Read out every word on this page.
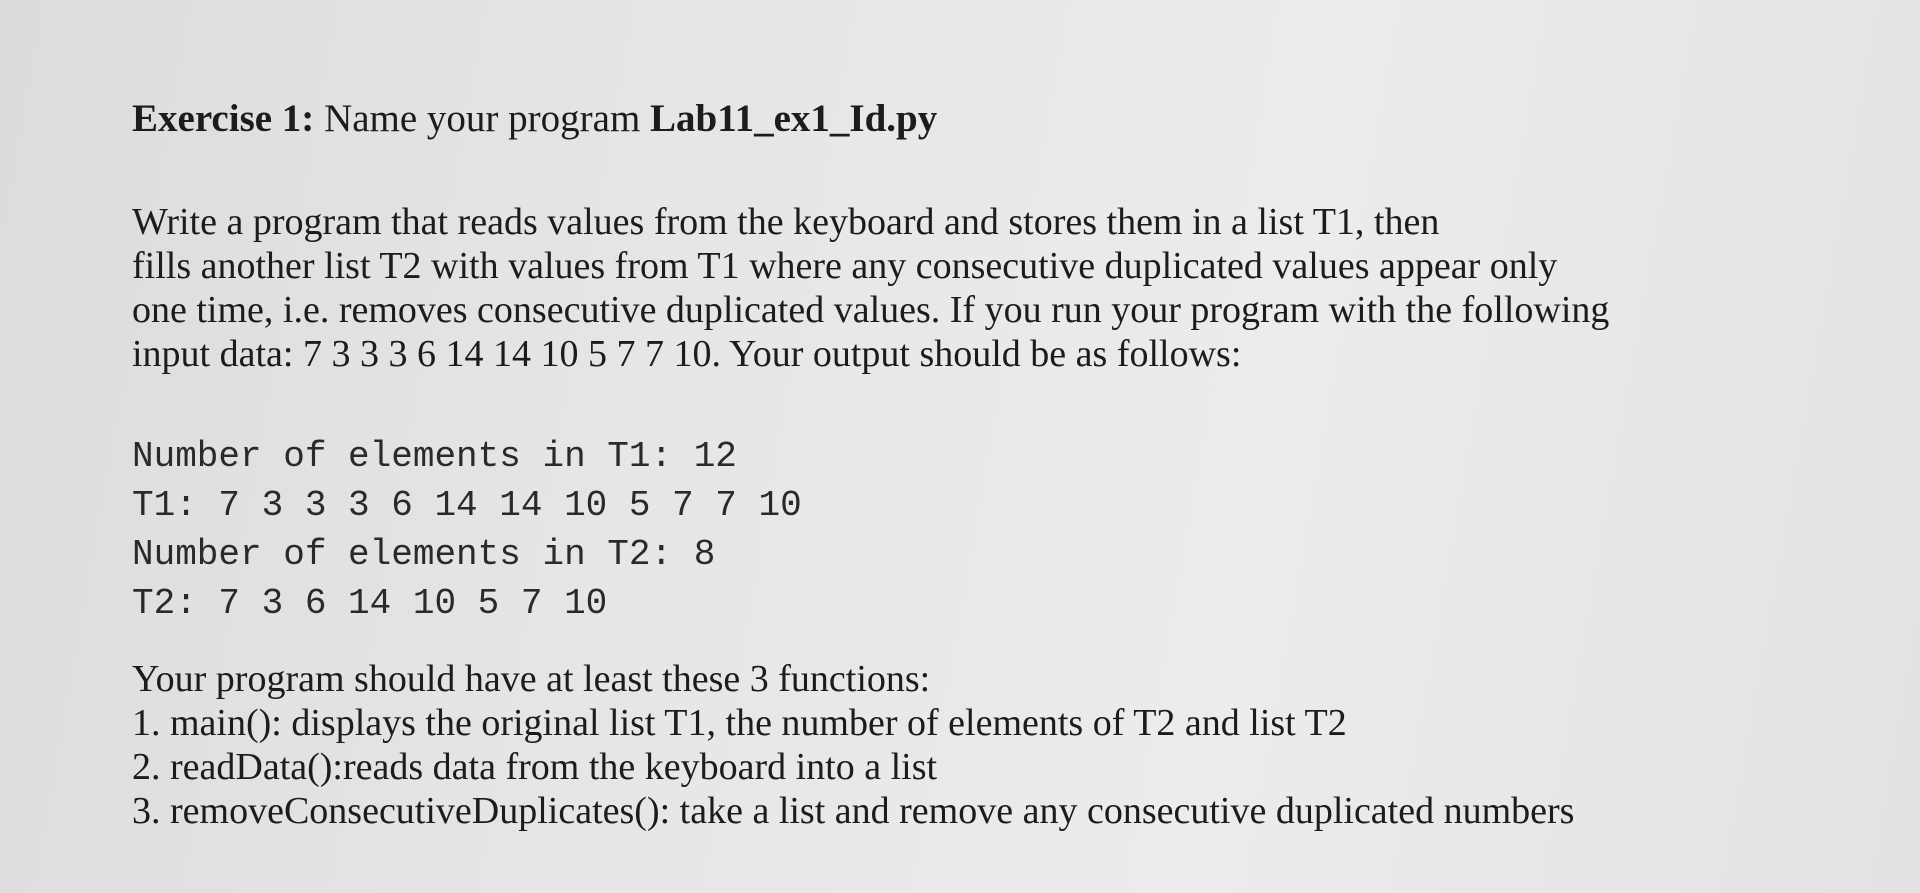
Exercise 1: Name your program Lab11_ex1_Id.py
Write a program that reads values from the keyboard and stores them in a list T1, then
fills another list T2 with values from T1 where any consecutive duplicated values appear only
one time, i.e. removes consecutive duplicated values. If you run your program with the following
input data: 7 3 3 3 6 14 14 10 5 7 7 10. Your output should be as follows:
Number of elements in T1: 12
T1: 7 3 3 3 6 14 14 10 5 7 7 10
Number of elements in T2: 8
T2: 7 3 6 14 10 5 7 10
Your program should have at least these 3 functions:
1. main(): displays the original list T1, the number of elements of T2 and list T2
2. readData():reads data from the keyboard into a list
3. removeConsecutiveDuplicates(): take a list and remove any consecutive duplicated numbers
